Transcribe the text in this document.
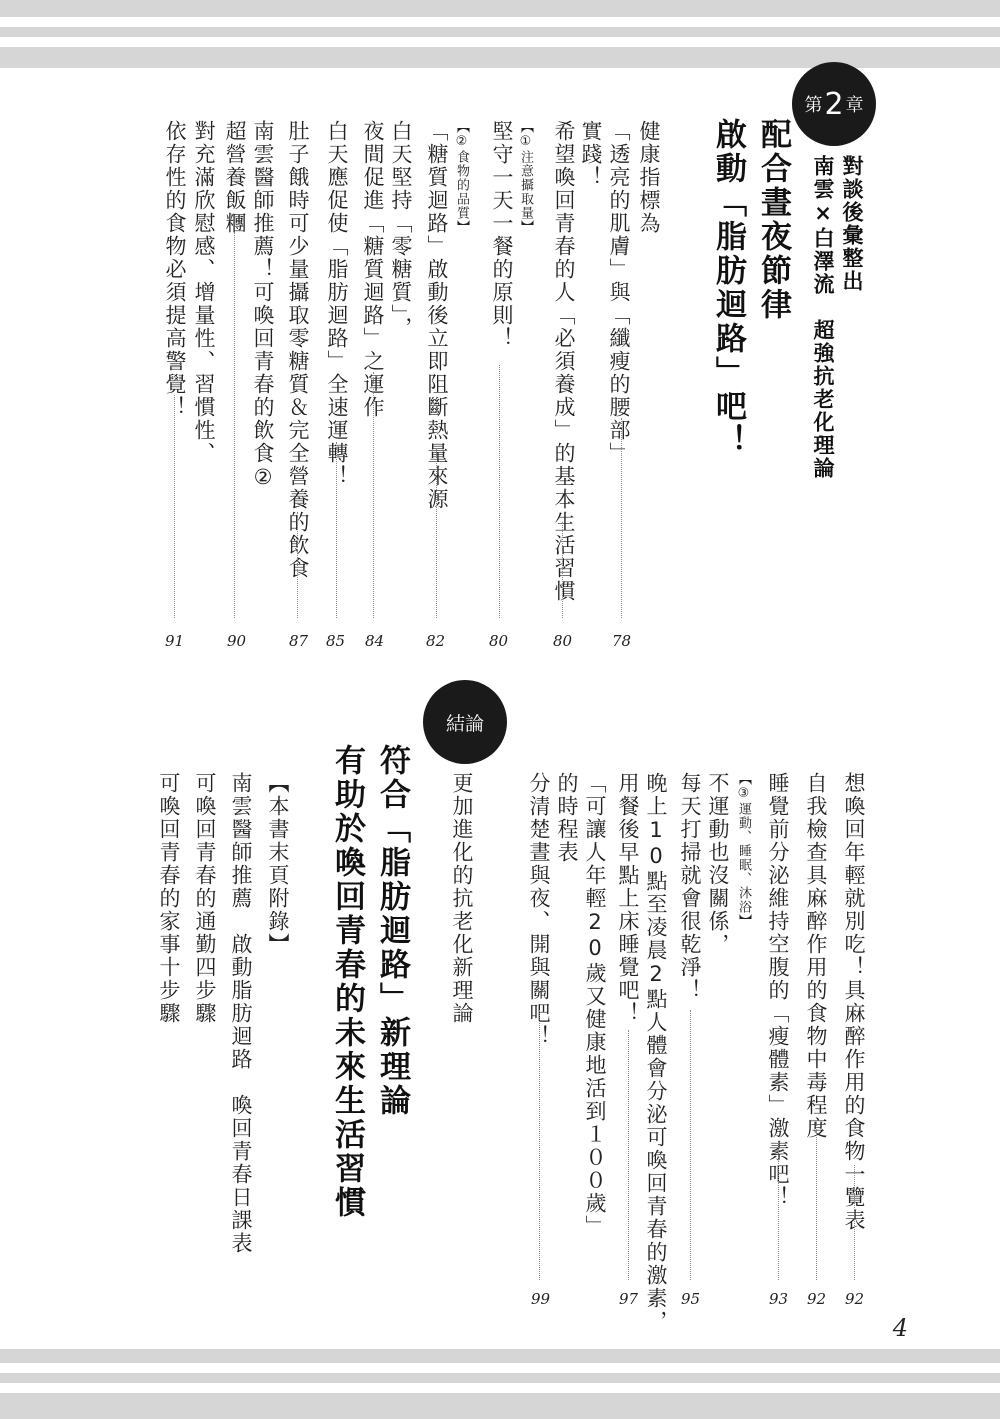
第 2 章
對談後彙整出
南雲×白澤流　超強抗老化理論
配合晝夜節律
啟動「脂肪迴路」吧！
健康指標為
「透亮的肌膚」與「纖瘦的腰部」
78
希望喚回青春的人「必須養成」的基本生活習慣 實踐！
80
【①注意攝取量】
堅守一天一餐的原則！
80
【②食物的品質】
「糖質迴路」啟動後立即阻斷熱量來源
82
白天堅持「零糖質」，
夜間促進「糖質迴路」之運作
84
白天應促使「脂肪迴路」全速運轉！
85
肚子餓時可少量攝取零糖質＆完全營養的飲食
87
南雲醫師推薦！可喚回青春的飲食②
超營養飯糰
90
對充滿欣慰感、增量性、習慣性、
依存性的食物必須提高警覺！
91
想喚回年輕就別吃！具麻醉作用的食物一覽表
92
自我檢查具麻醉作用的食物中毒程度
92
睡覺前分泌維持空腹的「瘦體素」激素吧！
93
【③運動、睡眠、沐浴】
不運動也沒關係，
每天打掃就會很乾淨！
95
晚上10點至凌晨2點人體會分泌可喚回青春的激素，
用餐後早點上床睡覺吧！
97
「可讓人年輕20歲又健康地活到１００歲」
的時程表
分清楚晝與夜、開與關吧！
99
結論
更加進化的抗老化新理論
符合「脂肪迴路」新理論
有助於喚回青春的未來生活習慣
【本書末頁附錄】
南雲醫師推薦　啟動脂肪迴路　喚回青春日課表
可喚回青春的通勤四步驟
可喚回青春的家事十步驟
4
